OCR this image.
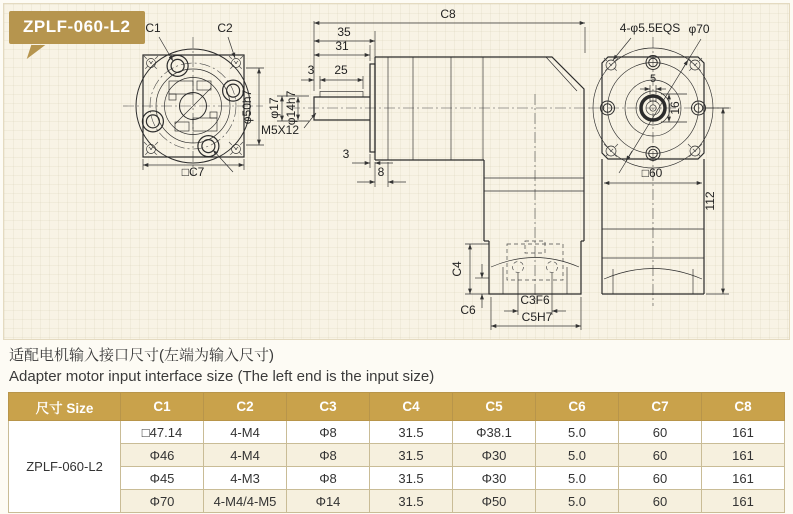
C1	C2
φ50h7
□C7
C8
35
31
3 25
φ17 φ14h7
M5X12
3
8
C4
C6
C3F6
C5H7
4-φ5.5EQS φ70
5
16
□60
112
ZPLF-060-L2
适配电机输入接口尺寸(左端为输入尺寸)
Adapter motor input interface size (The left end is the input size)
尺寸 Size	C1	C2	C3	C4	C5	C6	C7	C8
ZPLF-060-L2	□47.14	4-M4	Φ8	31.5	Φ38.1	5.0	60	161
	Φ46	4-M4	Φ8	31.5	Φ30	5.0	60	161
	Φ45	4-M3	Φ8	31.5	Φ30	5.0	60	161
	Φ70	4-M4/4-M5	Φ14	31.5	Φ50	5.0	60	161
